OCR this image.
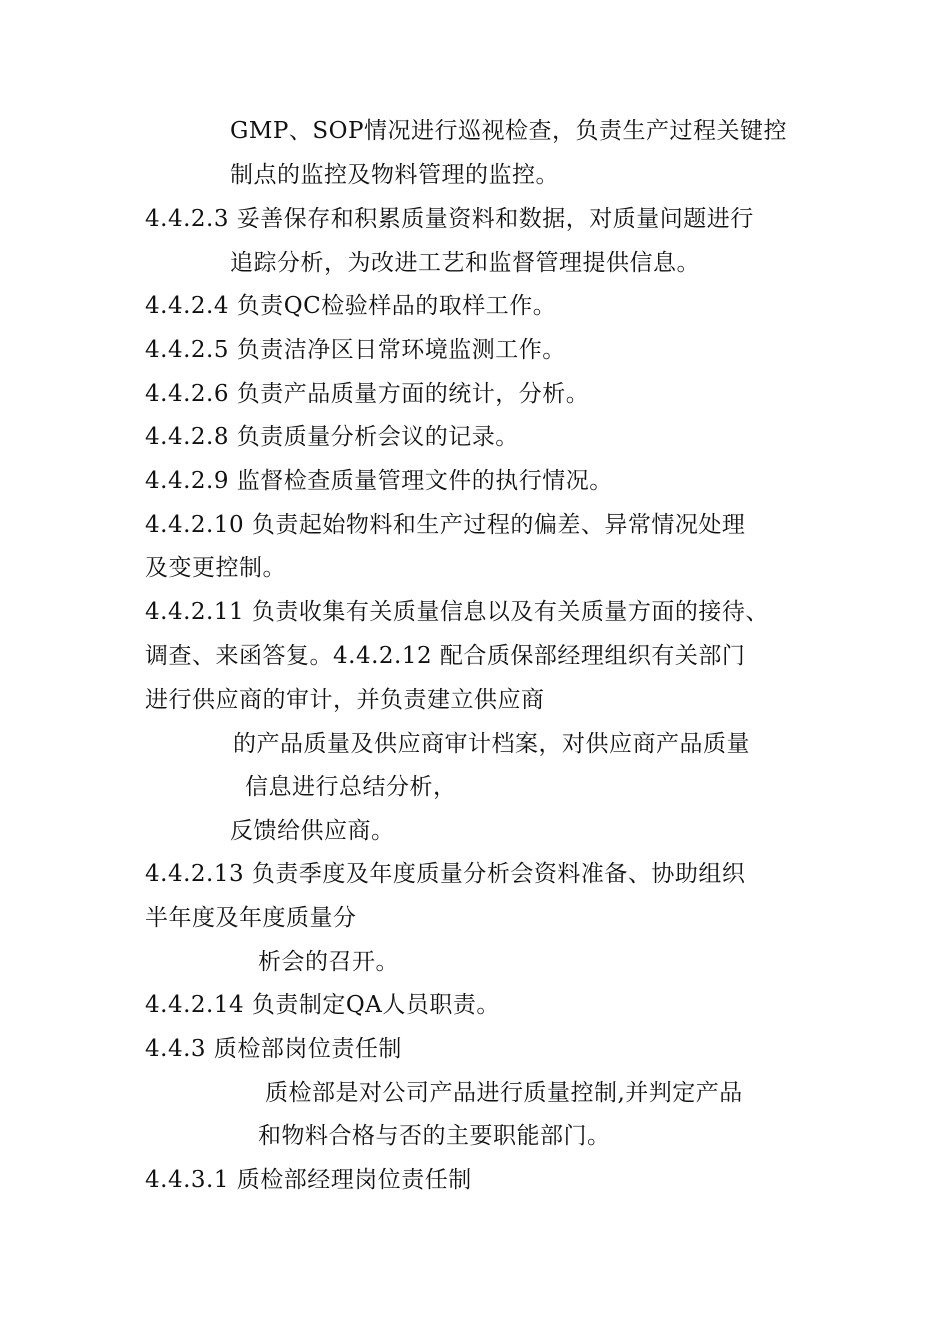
GMP、SOP情况进行巡视检查，负责生产过程关键控
制点的监控及物料管理的监控。
4.4.2.3 妥善保存和积累质量资料和数据，对质量问题进行
追踪分析，为改进工艺和监督管理提供信息。
4.4.2.4 负责QC检验样品的取样工作。
4.4.2.5 负责洁净区日常环境监测工作。
4.4.2.6 负责产品质量方面的统计，分析。
4.4.2.8 负责质量分析会议的记录。
4.4.2.9 监督检查质量管理文件的执行情况。
4.4.2.10 负责起始物料和生产过程的偏差、异常情况处理
及变更控制。
4.4.2.11 负责收集有关质量信息以及有关质量方面的接待、
调查、来函答复。4.4.2.12 配合质保部经理组织有关部门
进行供应商的审计，并负责建立供应商
的产品质量及供应商审计档案，对供应商产品质量
信息进行总结分析，
反馈给供应商。
4.4.2.13 负责季度及年度质量分析会资料准备、协助组织
半年度及年度质量分
析会的召开。
4.4.2.14 负责制定QA人员职责。
4.4.3 质检部岗位责任制
质检部是对公司产品进行质量控制,并判定产品
和物料合格与否的主要职能部门。
4.4.3.1 质检部经理岗位责任制
